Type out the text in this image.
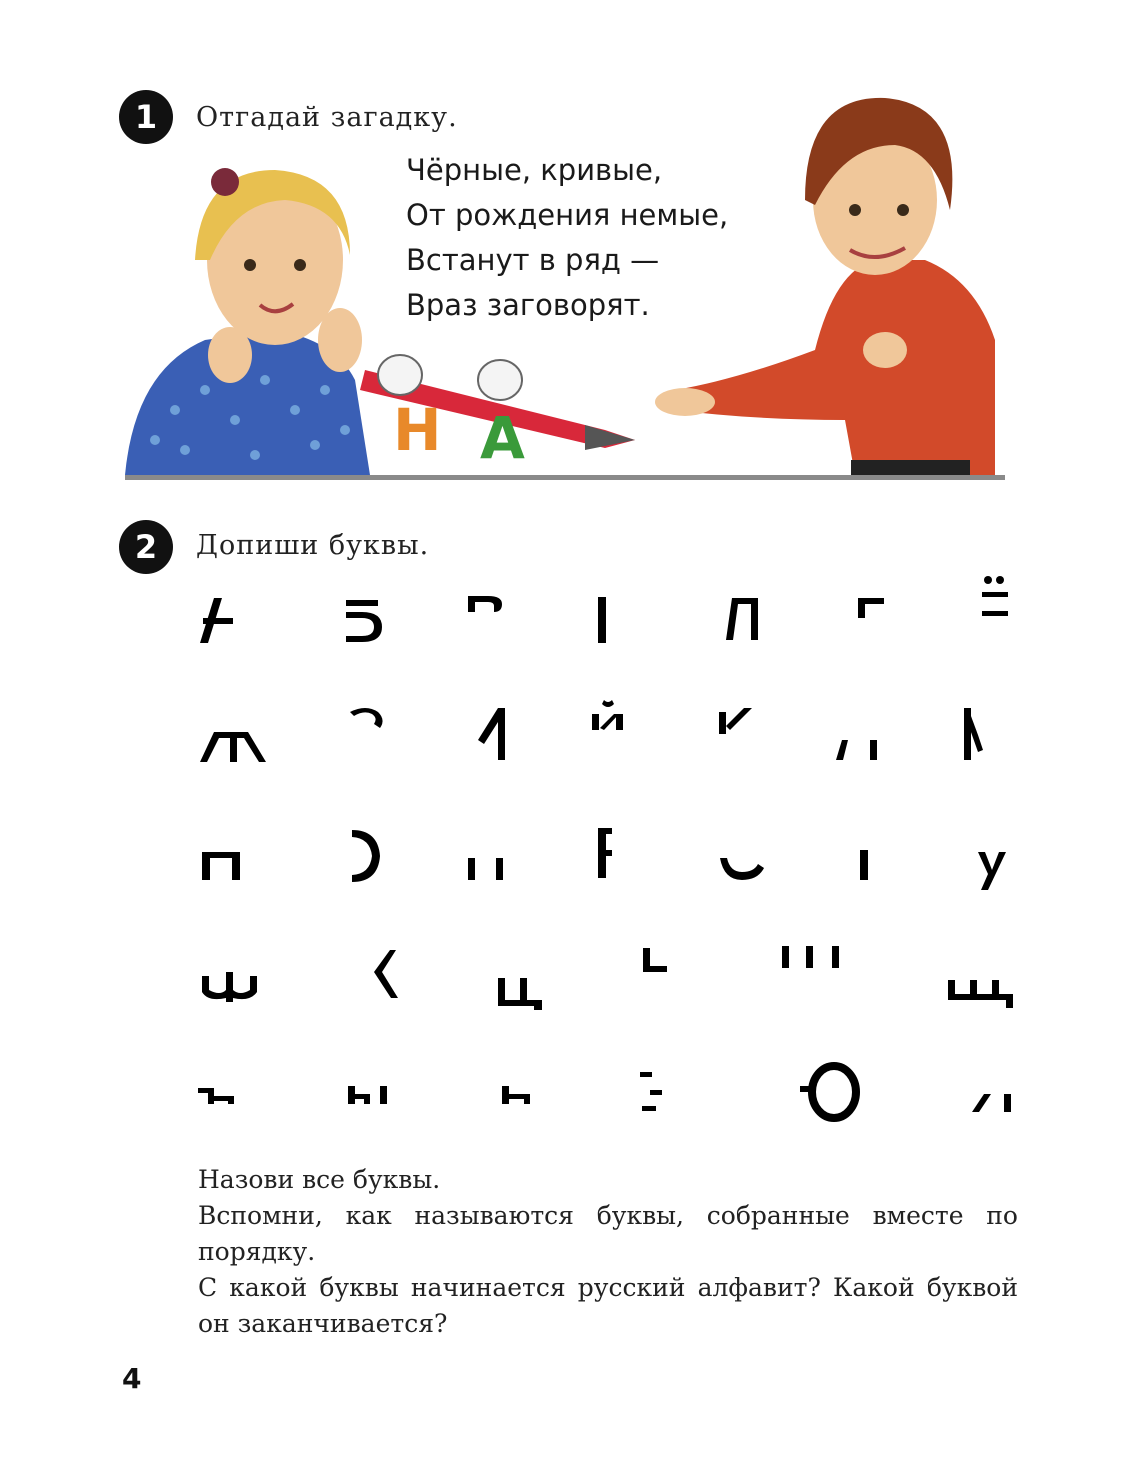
1 Отгадай загадку.
Н А
Чёрные, кривые,
От рождения немые,
Встанут в ряд —
Враз заговорят.
2 Допиши буквы.

Назови все буквы.

Вспомни, как называются буквы, собранные вместе по порядку.

С какой буквы начинается русский алфавит? Какой буквой он заканчивается?

4
